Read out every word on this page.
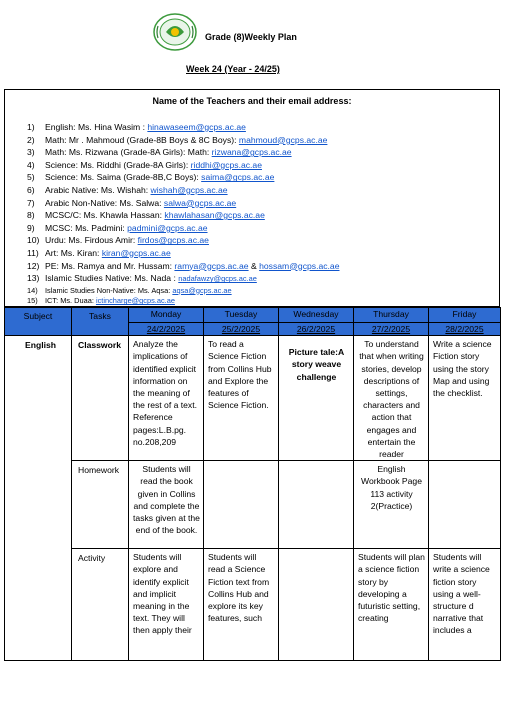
Grade (8)Weekly Plan
Week 24 (Year - 24/25)
Name of the Teachers and their email address:
1) English: Ms. Hina Wasim : hinawaseem@gcps.ac.ae
2) Math: Mr . Mahmoud (Grade-8B Boys & 8C Boys): mahmoud@gcps.ac.ae
3) Math: Ms. Rizwana (Grade-8A Girls): Math: rizwana@gcps.ac.ae
4) Science: Ms. Riddhi (Grade-8A Girls): riddhi@gcps.ac.ae
5) Science: Ms. Saima (Grade-8B,C Boys): saima@gcps.ac.ae
6) Arabic Native: Ms. Wishah: wishah@gcps.ac.ae
7) Arabic Non-Native: Ms. Salwa: salwa@gcps.ac.ae
8) MCSC/C: Ms. Khawla Hassan: khawlahasan@gcps.ac.ae
9) MCSC: Ms. Padmini: padmini@gcps.ac.ae
10) Urdu: Ms. Firdous Amir: firdos@gcps.ac.ae
11) Art: Ms. Kiran: kiran@gcps.ac.ae
12) PE: Ms. Ramya and Mr. Hussam: ramya@gcps.ac.ae & hossam@gcps.ac.ae
13) Islamic Studies Native: Ms. Nada : nadafawzy@gcps.ac.ae
14) Islamic Studies Non-Native: Ms. Aqsa: aqsa@gcps.ac.ae
15) ICT: Ms. Duaa: ictincharge@gcps.ac.ae
Subject	Tasks	Monday	Tuesday	Wednesday	Thursday	Friday
		24/2/2025	25/2/2025	26/2/2025	27/2/2025	28/2/2025
English	Classwork	Analyze the implications of identified explicit information on the meaning of the rest of a text. Reference pages:L.B.pg. no.208,209	To read a Science Fiction from Collins Hub and Explore the features of Science Fiction.	Picture tale:A story weave challenge	To understand that when writing stories, develop descriptions of settings, characters and action that engages and entertain the reader	Write a science Fiction story using the story Map and using the checklist.
	Homework	Students will read the book given in Collins and complete the tasks given at the end of the book.			English Workbook Page 113 activity 2(Practice)	
	Activity	Students will explore and identify explicit and implicit meaning in the text. They will then apply their	Students will read a Science Fiction text from Collins Hub and explore its key features, such		Students will plan a science fiction story by developing a futuristic setting, creating	Students will write a science fiction story using a well-structure d narrative that includes a
